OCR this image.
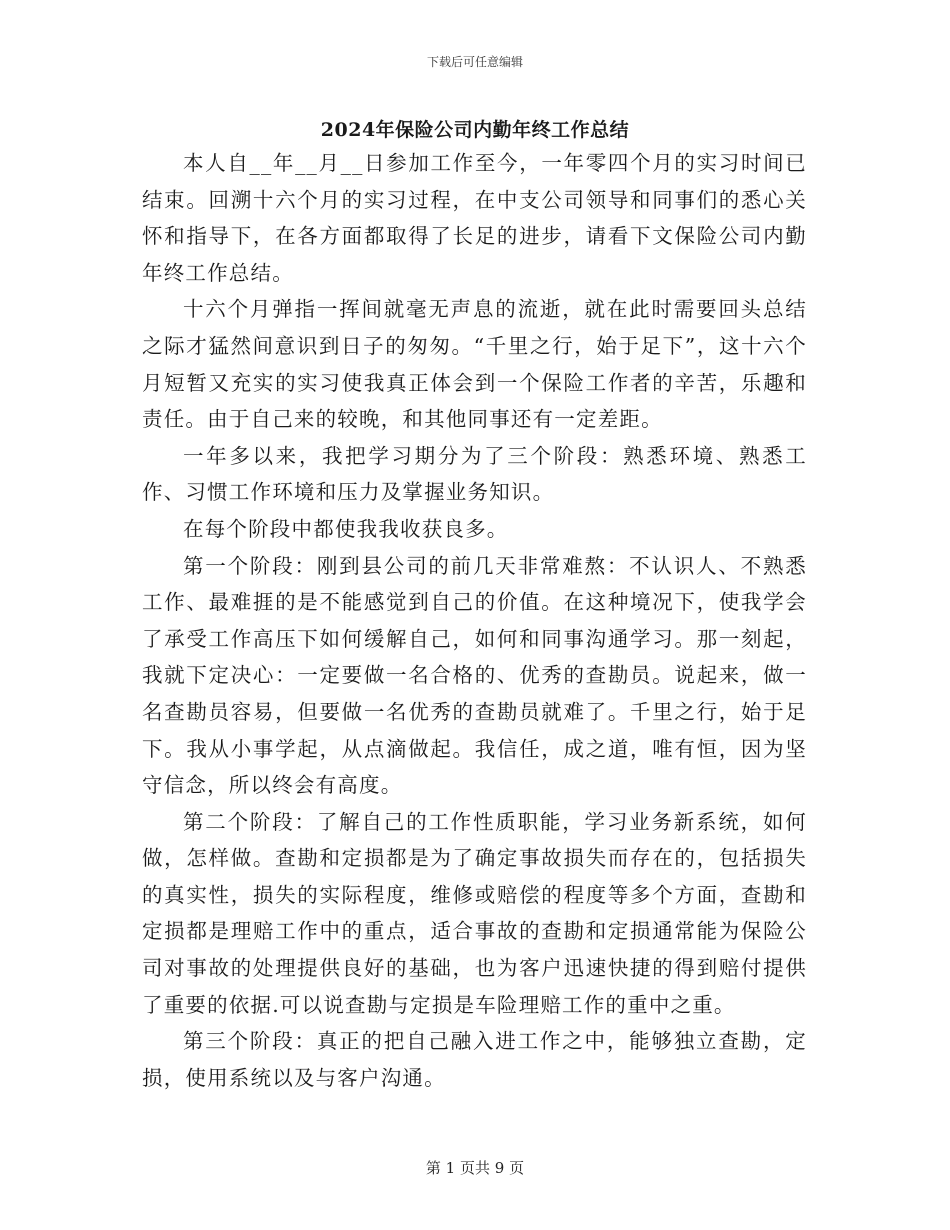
下载后可任意编辑
2024年保险公司内勤年终工作总结

本人自__年__月__日参加工作至今，一年零四个月的实习时间已结束。回溯十六个月的实习过程，在中支公司领导和同事们的悉心关怀和指导下，在各方面都取得了长足的进步，请看下文保险公司内勤年终工作总结。

十六个月弹指一挥间就毫无声息的流逝，就在此时需要回头总结之际才猛然间意识到日子的匆匆。“千里之行，始于足下”，这十六个月短暂又充实的实习使我真正体会到一个保险工作者的辛苦，乐趣和责任。由于自己来的较晚，和其他同事还有一定差距。

一年多以来，我把学习期分为了三个阶段：熟悉环境、熟悉工作、习惯工作环境和压力及掌握业务知识。

在每个阶段中都使我我收获良多。

第一个阶段：刚到县公司的前几天非常难熬：不认识人、不熟悉工作、最难捱的是不能感觉到自己的价值。在这种境况下，使我学会了承受工作高压下如何缓解自己，如何和同事沟通学习。那一刻起，我就下定决心：一定要做一名合格的、优秀的查勘员。说起来，做一名查勘员容易，但要做一名优秀的查勘员就难了。千里之行，始于足下。我从小事学起，从点滴做起。我信任，成之道，唯有恒，因为坚守信念，所以终会有高度。

第二个阶段：了解自己的工作性质职能，学习业务新系统，如何做，怎样做。查勘和定损都是为了确定事故损失而存在的，包括损失的真实性，损失的实际程度，维修或赔偿的程度等多个方面，查勘和定损都是理赔工作中的重点，适合事故的查勘和定损通常能为保险公司对事故的处理提供良好的基础，也为客户迅速快捷的得到赔付提供了重要的依据.可以说查勘与定损是车险理赔工作的重中之重。

第三个阶段：真正的把自己融入进工作之中，能够独立查勘，定损，使用系统以及与客户沟通。

第 1 页共 9 页
